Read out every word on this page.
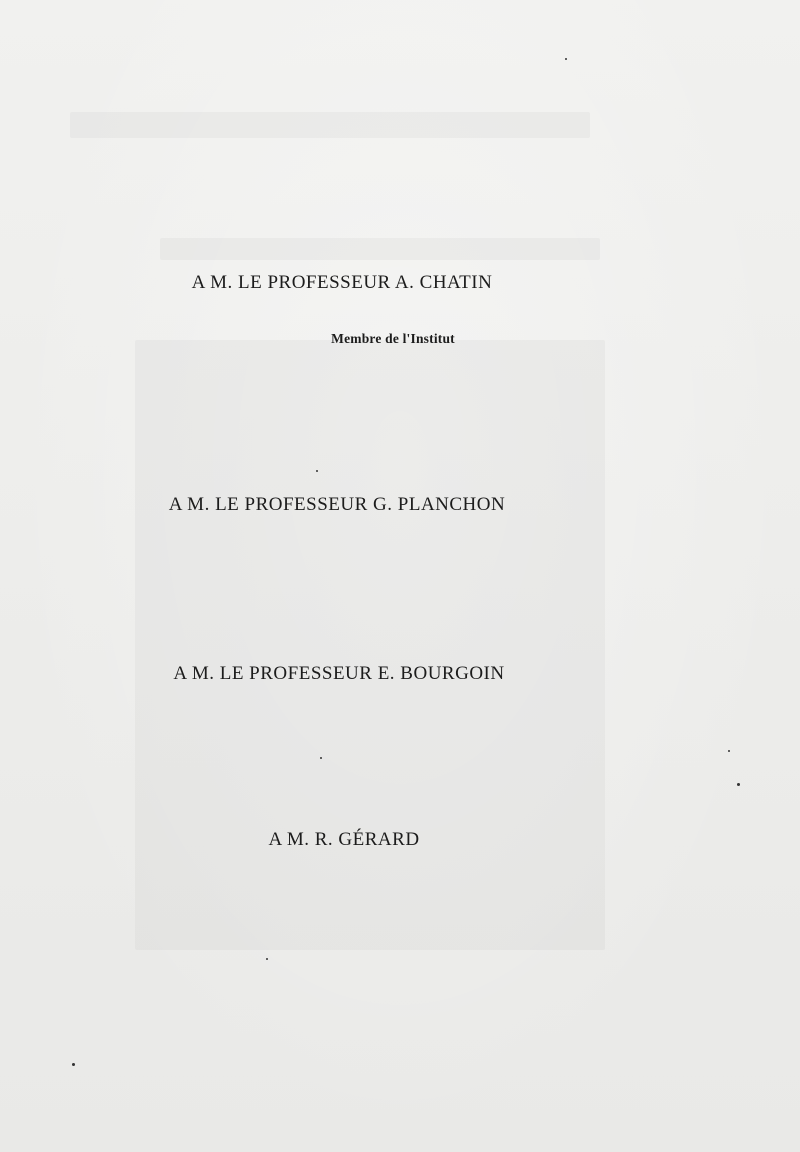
A M. LE PROFESSEUR A. CHATIN
Membre de l'Institut
A M. LE PROFESSEUR G. PLANCHON
A M. LE PROFESSEUR E. BOURGOIN
A M. R. GÉRARD
